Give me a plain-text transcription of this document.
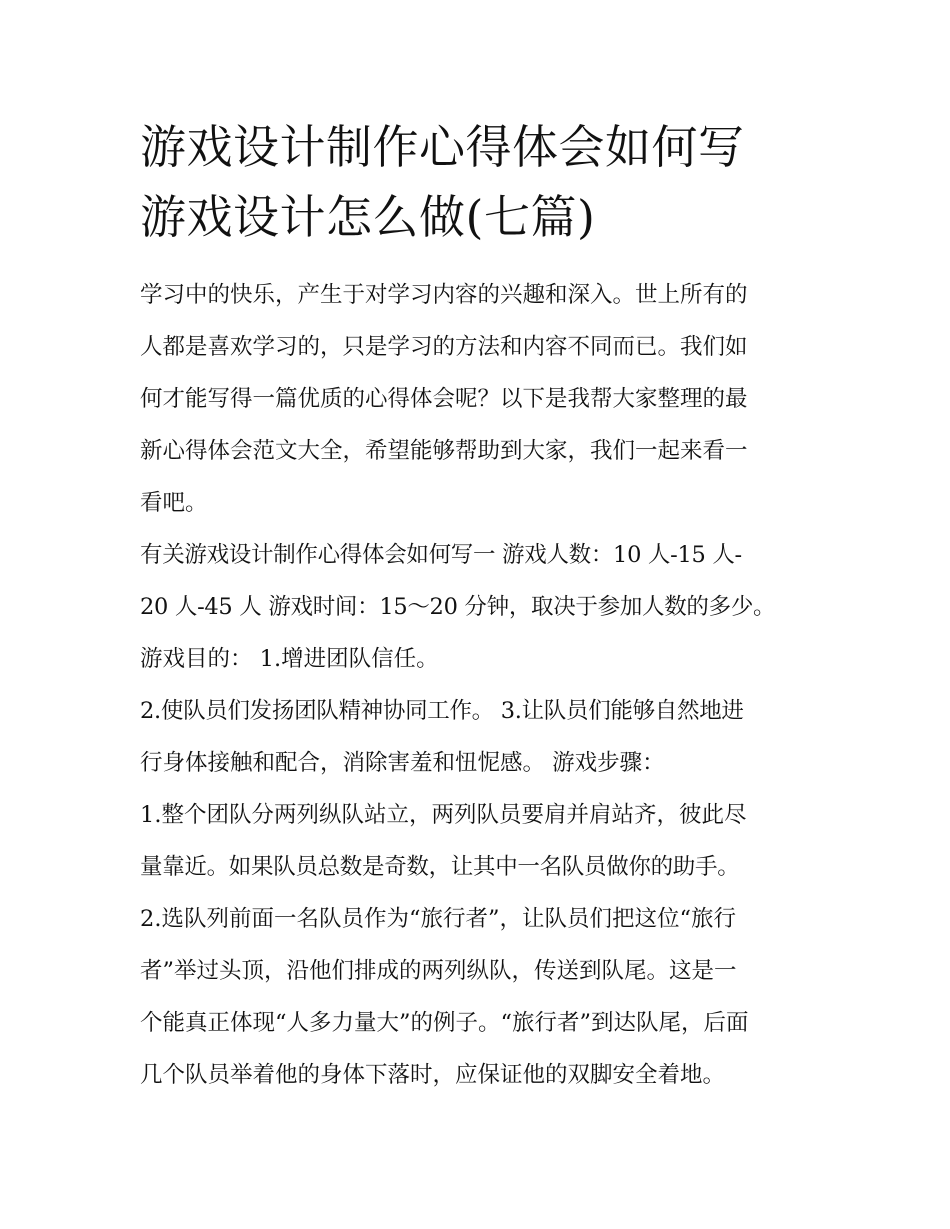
游戏设计制作心得体会如何写
游戏设计怎么做(七篇)
学习中的快乐，产生于对学习内容的兴趣和深入。世上所有的
人都是喜欢学习的，只是学习的方法和内容不同而已。我们如
何才能写得一篇优质的心得体会呢？以下是我帮大家整理的最
新心得体会范文大全，希望能够帮助到大家，我们一起来看一
看吧。
有关游戏设计制作心得体会如何写一 游戏人数：10 人-15 人-
20 人-45 人 游戏时间：15～20 分钟，取决于参加人数的多少。
游戏目的： 1.增进团队信任。
2.使队员们发扬团队精神协同工作。 3.让队员们能够自然地进
行身体接触和配合，消除害羞和忸怩感。 游戏步骤：
1.整个团队分两列纵队站立，两列队员要肩并肩站齐，彼此尽
量靠近。如果队员总数是奇数，让其中一名队员做你的助手。
2.选队列前面一名队员作为“旅行者”，让队员们把这位“旅行
者”举过头顶，沿他们排成的两列纵队，传送到队尾。这是一
个能真正体现“人多力量大”的例子。“旅行者”到达队尾，后面
几个队员举着他的身体下落时，应保证他的双脚安全着地。
